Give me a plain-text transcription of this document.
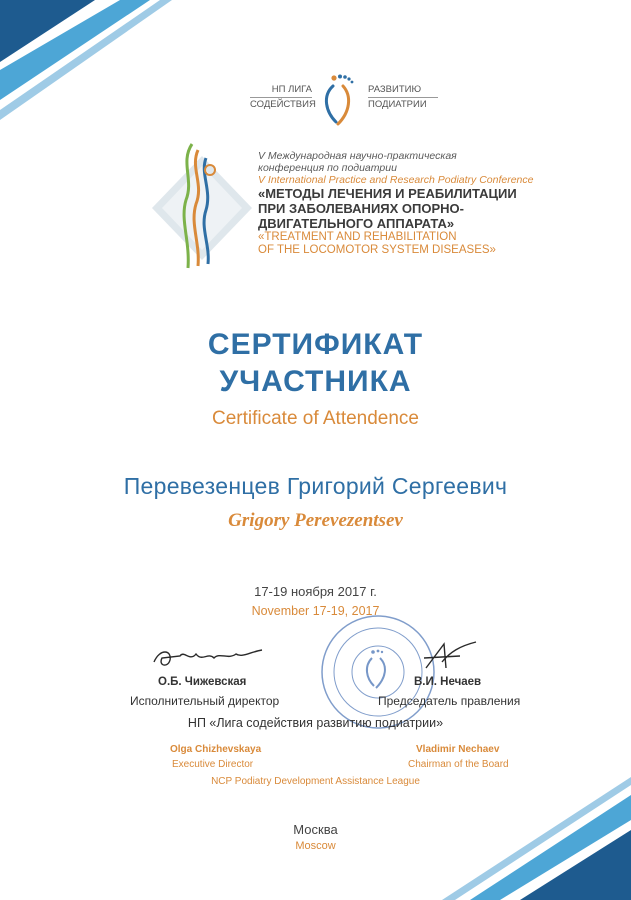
НП ЛИГА
СОДЕЙСТВИЯ
РАЗВИТИЮ
ПОДИАТРИИ
V Международная научно-практическая
конференция по подиатрии
V International Practice and Research Podiatry Conference
«МЕТОДЫ ЛЕЧЕНИЯ И РЕАБИЛИТАЦИИ
ПРИ ЗАБОЛЕВАНИЯХ ОПОРНО-
ДВИГАТЕЛЬНОГО АППАРАТА»
«TREATMENT AND REHABILITATION
OF THE LOCOMOTOR SYSTEM DISEASES»
СЕРТИФИКАТ
УЧАСТНИКА
Certificate of Attendence
Перевезенцев Григорий Сергеевич
Grigory Perevezentsev
17-19 ноября 2017 г.
November 17-19, 2017
О.Б. Чижевская
Исполнительный директор
В.И. Нечаев
Председатель правления
НП «Лига содействия развитию подиатрии»
Olga Chizhevskaya
Executive Director
Vladimir Nechaev
Chairman of the Board
NCP Podiatry Development Assistance League
Москва
Moscow
